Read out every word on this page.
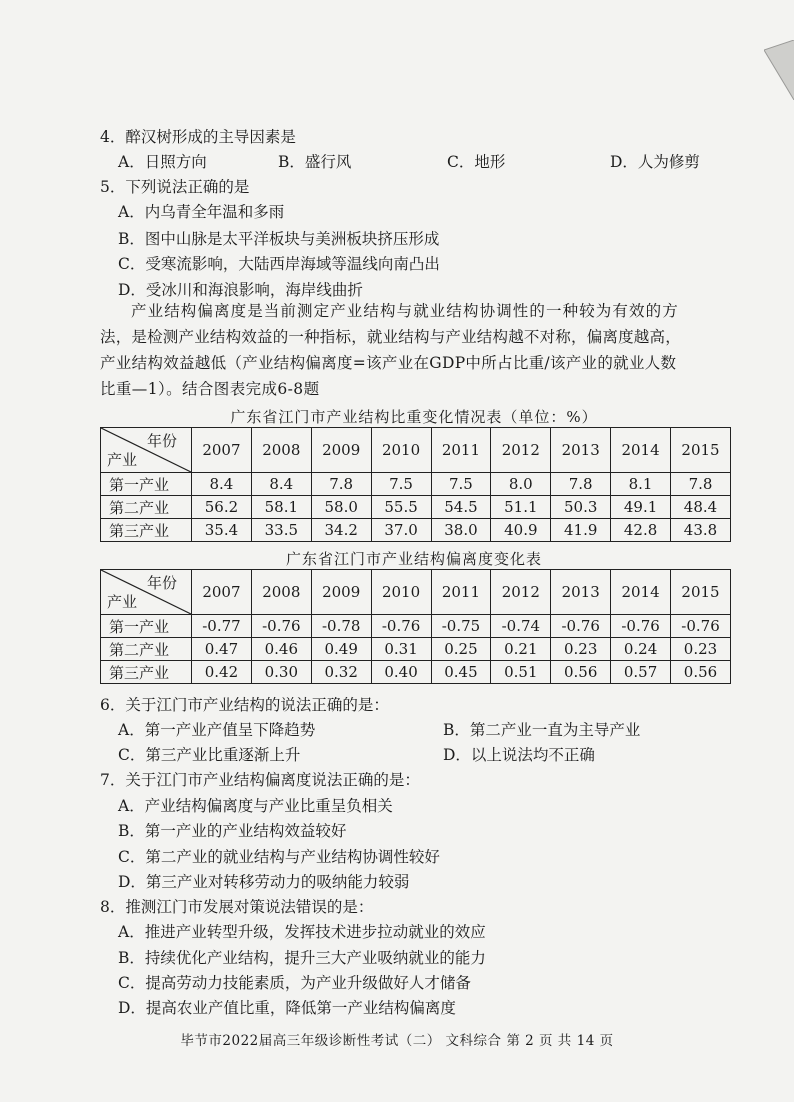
4．醉汉树形成的主导因素是
A．日照方向	B．盛行风	C．地形	D．人为修剪
5．下列说法正确的是
A．内乌青全年温和多雨
B．图中山脉是太平洋板块与美洲板块挤压形成
C．受寒流影响，大陆西岸海域等温线向南凸出
D．受冰川和海浪影响，海岸线曲折
产业结构偏离度是当前测定产业结构与就业结构协调性的一种较为有效的方
法，是检测产业结构效益的一种指标，就业结构与产业结构越不对称，偏离度越高，
产业结构效益越低（产业结构偏离度=该产业在GDP中所占比重/该产业的就业人数
比重—1）。结合图表完成6-8题
广东省江门市产业结构比重变化情况表（单位：%）
年份
产业	2007	2008	2009	2010	2011	2012	2013	2014	2015
第一产业	8.4	8.4	7.8	7.5	7.5	8.0	7.8	8.1	7.8
第二产业	56.2	58.1	58.0	55.5	54.5	51.1	50.3	49.1	48.4
第三产业	35.4	33.5	34.2	37.0	38.0	40.9	41.9	42.8	43.8
广东省江门市产业结构偏离度变化表
年份
产业	2007	2008	2009	2010	2011	2012	2013	2014	2015
第一产业	-0.77	-0.76	-0.78	-0.76	-0.75	-0.74	-0.76	-0.76	-0.76
第二产业	0.47	0.46	0.49	0.31	0.25	0.21	0.23	0.24	0.23
第三产业	0.42	0.30	0.32	0.40	0.45	0.51	0.56	0.57	0.56
6．关于江门市产业结构的说法正确的是：
A．第一产业产值呈下降趋势	B．第二产业一直为主导产业
C．第三产业比重逐渐上升	D．以上说法均不正确
7．关于江门市产业结构偏离度说法正确的是：
A．产业结构偏离度与产业比重呈负相关
B．第一产业的产业结构效益较好
C．第二产业的就业结构与产业结构协调性较好
D．第三产业对转移劳动力的吸纳能力较弱
8．推测江门市发展对策说法错误的是：
A．推进产业转型升级，发挥技术进步拉动就业的效应
B．持续优化产业结构，提升三大产业吸纳就业的能力
C．提高劳动力技能素质，为产业升级做好人才储备
D．提高农业产值比重，降低第一产业结构偏离度
毕节市2022届高三年级诊断性考试（二） 文科综合 第 2 页 共 14 页
